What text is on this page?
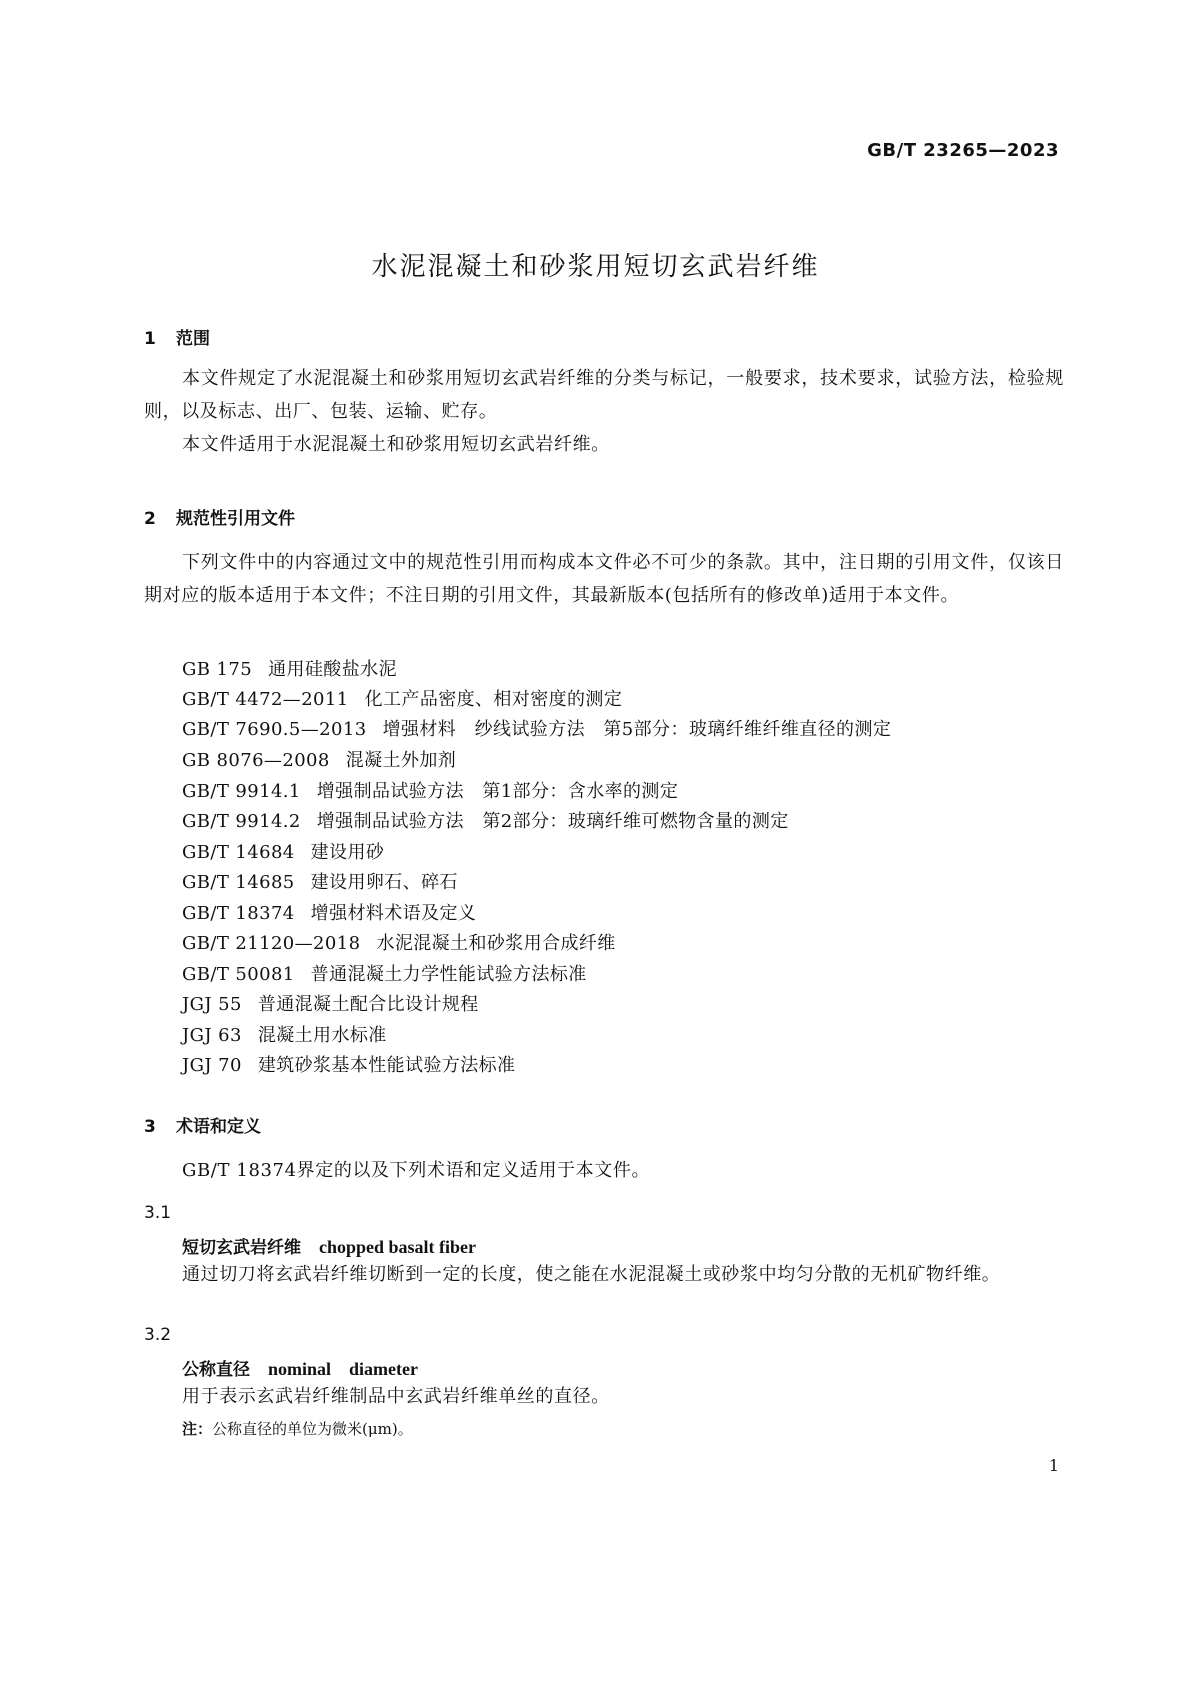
GB/T 23265—2023
水泥混凝土和砂浆用短切玄武岩纤维
1 范围

本文件规定了水泥混凝土和砂浆用短切玄武岩纤维的分类与标记，一般要求，技术要求，试验方法，检验规则，以及标志、出厂、包装、运输、贮存。

本文件适用于水泥混凝土和砂浆用短切玄武岩纤维。

2 规范性引用文件

下列文件中的内容通过文中的规范性引用而构成本文件必不可少的条款。其中，注日期的引用文件，仅该日期对应的版本适用于本文件；不注日期的引用文件，其最新版本(包括所有的修改单)适用于本文件。

GB 175 通用硅酸盐水泥
GB/T 4472—2011 化工产品密度、相对密度的测定
GB/T 7690.5—2013 增强材料　纱线试验方法　第5部分：玻璃纤维纤维直径的测定
GB 8076—2008 混凝土外加剂
GB/T 9914.1 增强制品试验方法　第1部分：含水率的测定
GB/T 9914.2 增强制品试验方法　第2部分：玻璃纤维可燃物含量的测定
GB/T 14684 建设用砂
GB/T 14685 建设用卵石、碎石
GB/T 18374 增强材料术语及定义
GB/T 21120—2018 水泥混凝土和砂浆用合成纤维
GB/T 50081 普通混凝土力学性能试验方法标准
JGJ 55 普通混凝土配合比设计规程
JGJ 63 混凝土用水标准
JGJ 70 建筑砂浆基本性能试验方法标准
3 术语和定义

GB/T 18374界定的以及下列术语和定义适用于本文件。

3.1
短切玄武岩纤维 chopped basalt fiber

通过切刀将玄武岩纤维切断到一定的长度，使之能在水泥混凝土或砂浆中均匀分散的无机矿物纤维。

3.2
公称直径 nominal　diameter

用于表示玄武岩纤维制品中玄武岩纤维单丝的直径。

注：公称直径的单位为微米(μm)。
1
